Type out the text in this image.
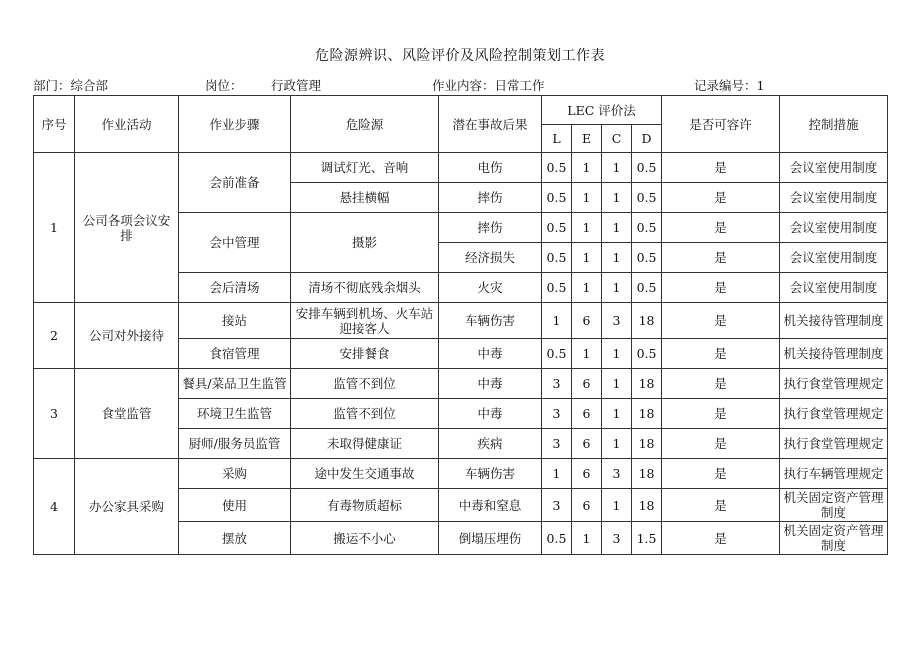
危险源辨识、风险评价及风险控制策划工作表
部门：综合部	岗位： 行政管理	作业内容：日常工作	记录编号：1
序号	作业活动	作业步骤	危险源	潜在事故后果	LEC 评价法				是否可容许	控制措施
					L	E	C	D		
1	公司各项会议安排	会前准备	调试灯光、音响	电伤	0.5	1	1	0.5	是	会议室使用制度
			悬挂横幅	摔伤	0.5	1	1	0.5	是	会议室使用制度
		会中管理	摄影	摔伤	0.5	1	1	0.5	是	会议室使用制度
				经济损失	0.5	1	1	0.5	是	会议室使用制度
		会后清场	清场不彻底残余烟头	火灾	0.5	1	1	0.5	是	会议室使用制度
2	公司对外接待	接站	安排车辆到机场、火车站迎接客人	车辆伤害	1	6	3	18	是	机关接待管理制度
		食宿管理	安排餐食	中毒	0.5	1	1	0.5	是	机关接待管理制度
3	食堂监管	餐具/菜品卫生监管	监管不到位	中毒	3	6	1	18	是	执行食堂管理规定
		环境卫生监管	监管不到位	中毒	3	6	1	18	是	执行食堂管理规定
		厨师/服务员监管	未取得健康证	疾病	3	6	1	18	是	执行食堂管理规定
4	办公家具采购	采购	途中发生交通事故	车辆伤害	1	6	3	18	是	执行车辆管理规定
		使用	有毒物质超标	中毒和窒息	3	6	1	18	是	机关固定资产管理制度
		摆放	搬运不小心	倒塌压埋伤	0.5	1	3	1.5	是	机关固定资产管理制度
